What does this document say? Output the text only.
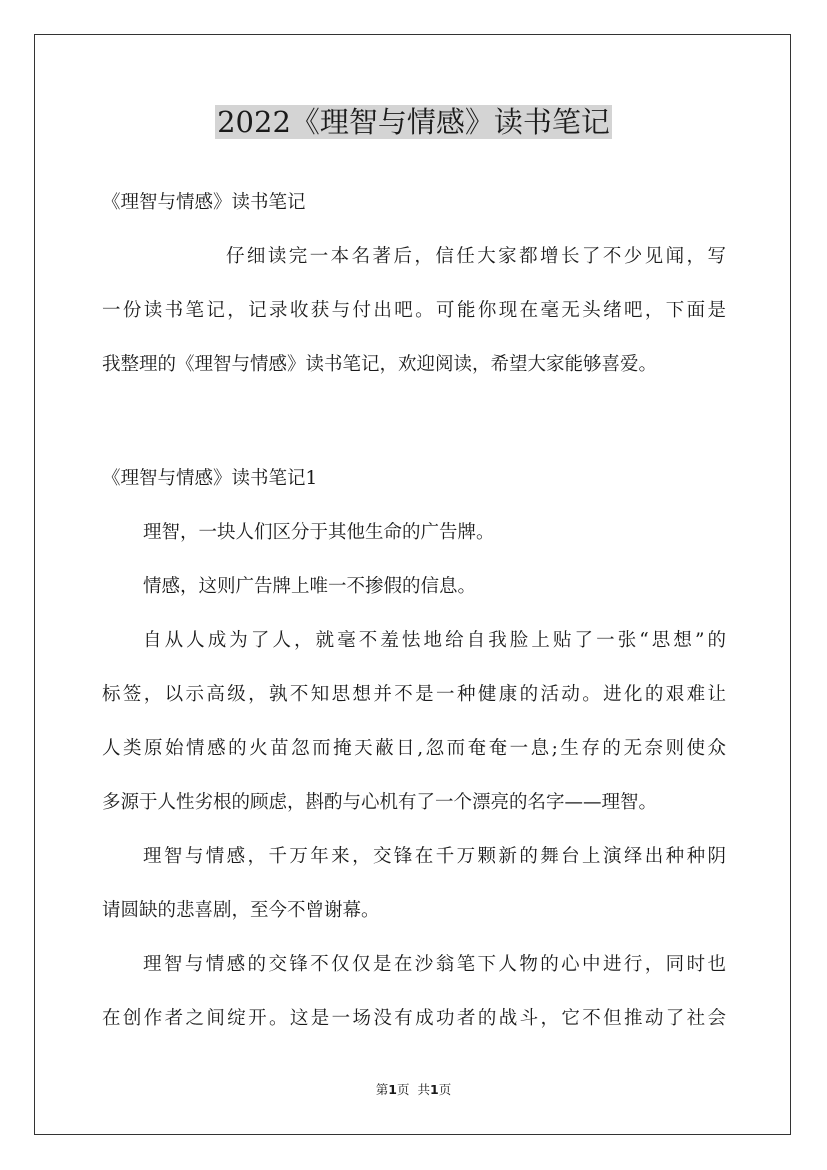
2022《理智与情感》读书笔记

《理智与情感》读书笔记

仔细读完一本名著后，信任大家都增长了不少见闻，写

一份读书笔记，记录收获与付出吧。可能你现在毫无头绪吧，下面是

我整理的《理智与情感》读书笔记，欢迎阅读，希望大家能够喜爱。

《理智与情感》读书笔记1

理智，一块人们区分于其他生命的广告牌。

情感，这则广告牌上唯一不掺假的信息。

自从人成为了人，就毫不羞怯地给自我脸上贴了一张“思想”的

标签，以示高级，孰不知思想并不是一种健康的活动。进化的艰难让

人类原始情感的火苗忽而掩天蔽日,忽而奄奄一息;生存的无奈则使众

多源于人性劣根的顾虑，斟酌与心机有了一个漂亮的名字——理智。

理智与情感，千万年来，交锋在千万颗新的舞台上演绎出种种阴

请圆缺的悲喜剧，至今不曾谢幕。

理智与情感的交锋不仅仅是在沙翁笔下人物的心中进行，同时也

在创作者之间绽开。这是一场没有成功者的战斗，它不但推动了社会

第1页 共1页
